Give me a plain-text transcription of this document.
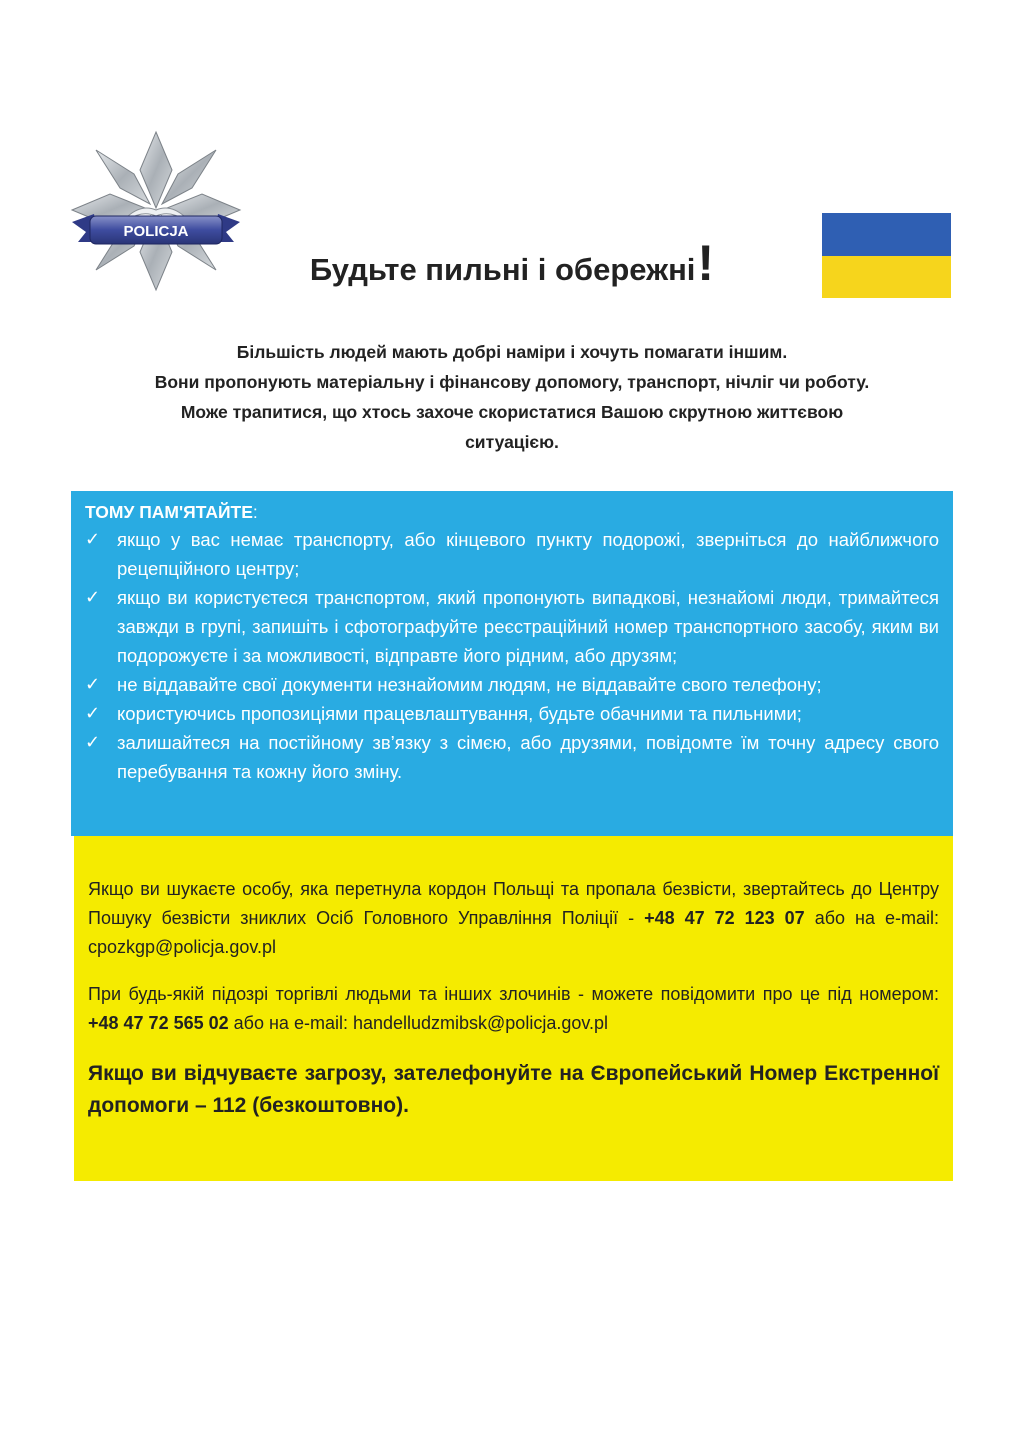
POLICJA
Будьте пильні і обережні!
Більшість людей мають добрі наміри і хочуть помагати іншим.
Вони пропонують матеріальну і фінансову допомогу, транспорт, нічліг чи роботу.
Може трапитися, що хтось захоче скористатися Вашою скрутною життєвою
ситуацією.
ТОМУ ПАМ'ЯТАЙТЕ:
✓ якщо у вас немає транспорту, або кінцевого пункту подорожі, зверніться до найближчого рецепційного центру;
✓ якщо ви користуєтеся транспортом, який пропонують випадкові, незнайомі люди, тримайтеся завжди в групі, запишіть і сфотографуйте реєстраційний номер транспортного засобу, яким ви подорожуєте і за можливості, відправте його рідним, або друзям;
✓ не віддавайте свої документи незнайомим людям, не віддавайте свого телефону;
✓ користуючись пропозиціями працевлаштування, будьте обачними та пильними;
✓ залишайтеся на постійному зв’язку з сімєю, або друзями, повідомте їм точну адресу свого перебування та кожну його зміну.

Якщо ви шукаєте особу, яка перетнула кордон Польщі та пропала безвісти, звертайтесь до Центру Пошуку безвісти зниклих Осіб Головного Управління Поліції - +48 47 72 123 07 або на e-mail: cpozkgp@policja.gov.pl

При будь-якій підозрі торгівлі людьми та інших злочинів - можете повідомити про це під номером: +48 47 72 565 02 або на e-mail: handelludzmibsk@policja.gov.pl

Якщо ви відчуваєте загрозу, зателефонуйте на Європейський Номер Екстренної допомоги – 112 (безкоштовно).
